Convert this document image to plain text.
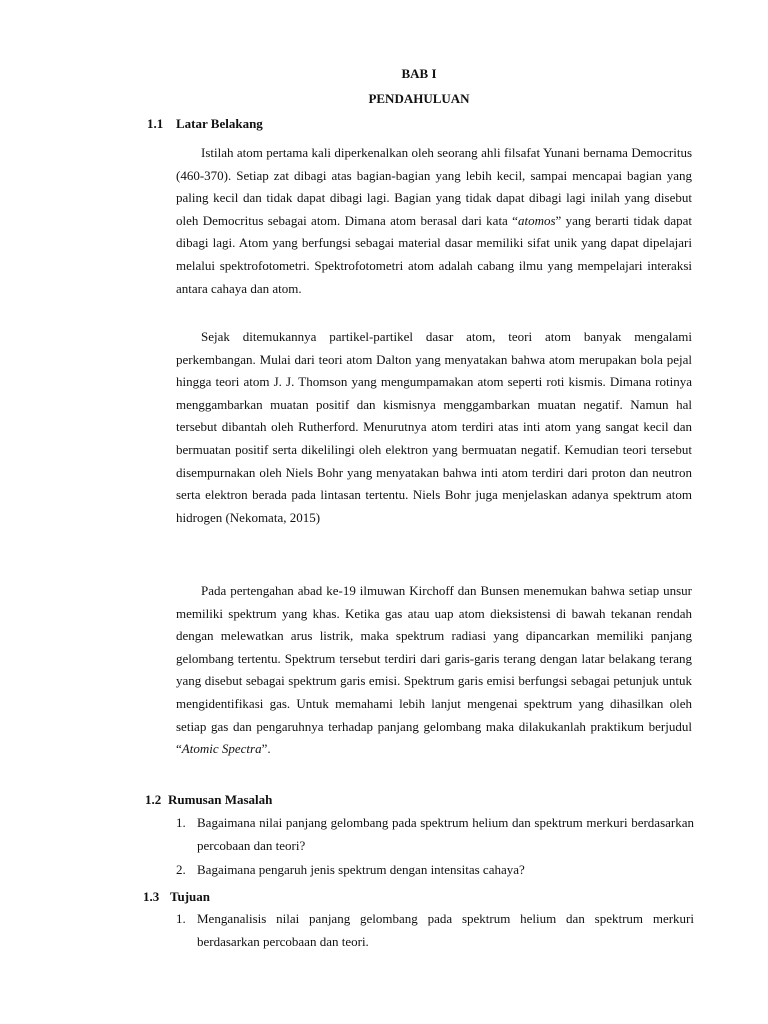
BAB I
PENDAHULUAN
1.1 Latar Belakang

Istilah atom pertama kali diperkenalkan oleh seorang ahli filsafat Yunani bernama Democritus (460-370). Setiap zat dibagi atas bagian-bagian yang lebih kecil, sampai mencapai bagian yang paling kecil dan tidak dapat dibagi lagi. Bagian yang tidak dapat dibagi lagi inilah yang disebut oleh Democritus sebagai atom. Dimana atom berasal dari kata “atomos” yang berarti tidak dapat dibagi lagi. Atom yang berfungsi sebagai material dasar memiliki sifat unik yang dapat dipelajari melalui spektrofotometri. Spektrofotometri atom adalah cabang ilmu yang mempelajari interaksi antara cahaya dan atom.

Sejak ditemukannya partikel-partikel dasar atom, teori atom banyak mengalami perkembangan. Mulai dari teori atom Dalton yang menyatakan bahwa atom merupakan bola pejal hingga teori atom J. J. Thomson yang mengumpamakan atom seperti roti kismis. Dimana rotinya menggambarkan muatan positif dan kismisnya menggambarkan muatan negatif. Namun hal tersebut dibantah oleh Rutherford. Menurutnya atom terdiri atas inti atom yang sangat kecil dan bermuatan positif serta dikelilingi oleh elektron yang bermuatan negatif. Kemudian teori tersebut disempurnakan oleh Niels Bohr yang menyatakan bahwa inti atom terdiri dari proton dan neutron serta elektron berada pada lintasan tertentu. Niels Bohr juga menjelaskan adanya spektrum atom hidrogen (Nekomata, 2015)

Pada pertengahan abad ke-19 ilmuwan Kirchoff dan Bunsen menemukan bahwa setiap unsur memiliki spektrum yang khas. Ketika gas atau uap atom dieksistensi di bawah tekanan rendah dengan melewatkan arus listrik, maka spektrum radiasi yang dipancarkan memiliki panjang gelombang tertentu. Spektrum tersebut terdiri dari garis-garis terang dengan latar belakang terang yang disebut sebagai spektrum garis emisi. Spektrum garis emisi berfungsi sebagai petunjuk untuk mengidentifikasi gas. Untuk memahami lebih lanjut mengenai spektrum yang dihasilkan oleh setiap gas dan pengaruhnya terhadap panjang gelombang maka dilakukanlah praktikum berjudul “Atomic Spectra”.

1.2 Rumusan Masalah
1. Bagaimana nilai panjang gelombang pada spektrum helium dan spektrum merkuri berdasarkan percobaan dan teori?
2. Bagaimana pengaruh jenis spektrum dengan intensitas cahaya?
1.3 Tujuan
1. Menganalisis nilai panjang gelombang pada spektrum helium dan spektrum merkuri berdasarkan percobaan dan teori.
